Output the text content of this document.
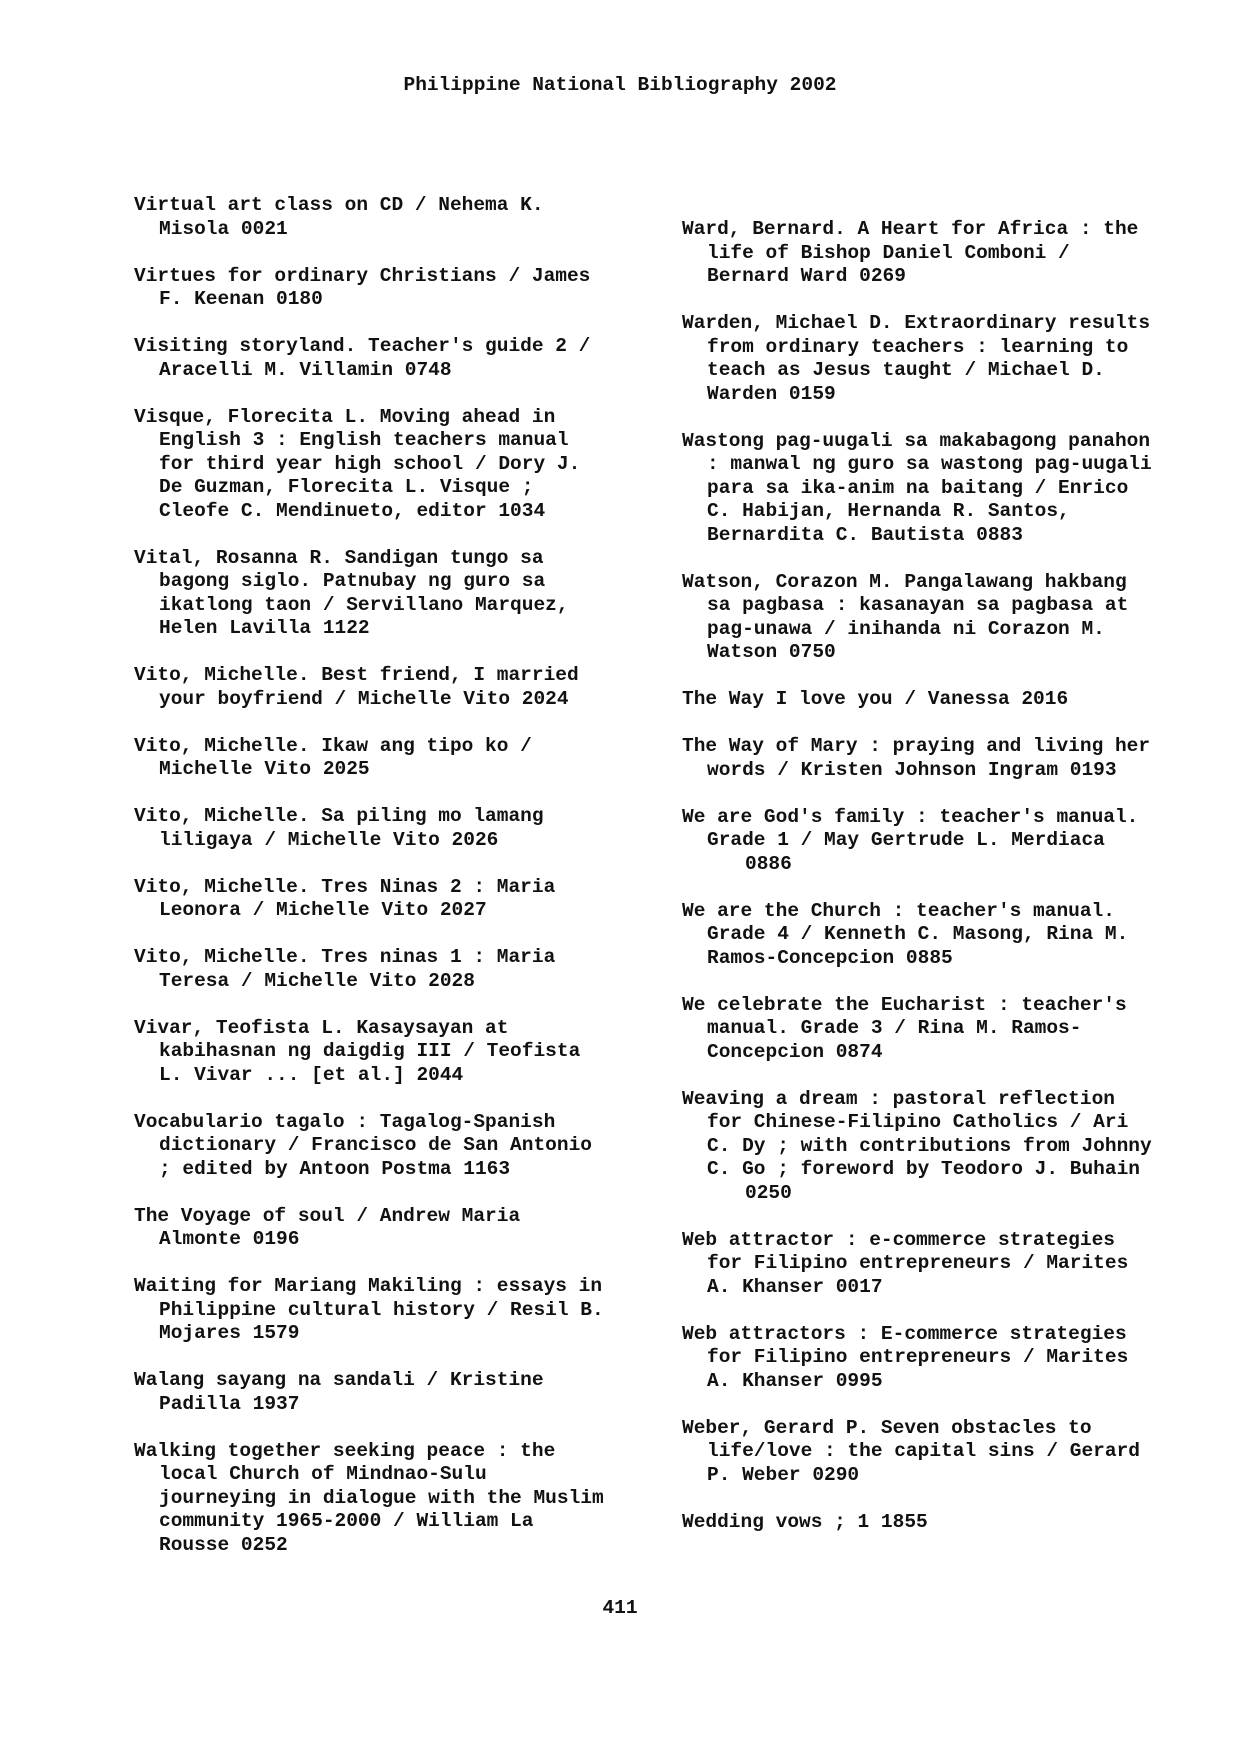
Philippine National Bibliography 2002
Virtual art class on CD / Nehema K.
Misola 0021
Virtues for ordinary Christians / James
F. Keenan 0180
Visiting storyland. Teacher's guide 2 /
Aracelli M. Villamin 0748
Visque, Florecita L. Moving ahead in
English 3 : English teachers manual
for third year high school / Dory J.
De Guzman, Florecita L. Visque ;
Cleofe C. Mendinueto, editor 1034
Vital, Rosanna R. Sandigan tungo sa
bagong siglo. Patnubay ng guro sa
ikatlong taon / Servillano Marquez,
Helen Lavilla 1122
Vito, Michelle. Best friend, I married
your boyfriend / Michelle Vito 2024
Vito, Michelle. Ikaw ang tipo ko /
Michelle Vito 2025
Vito, Michelle. Sa piling mo lamang
liligaya / Michelle Vito 2026
Vito, Michelle. Tres Ninas 2 : Maria
Leonora / Michelle Vito 2027
Vito, Michelle. Tres ninas 1 : Maria
Teresa / Michelle Vito 2028
Vivar, Teofista L. Kasaysayan at
kabihasnan ng daigdig III / Teofista
L. Vivar ... [et al.] 2044
Vocabulario tagalo : Tagalog-Spanish
dictionary / Francisco de San Antonio
; edited by Antoon Postma 1163
The Voyage of soul / Andrew Maria
Almonte 0196
Waiting for Mariang Makiling : essays in
Philippine cultural history / Resil B.
Mojares 1579
Walang sayang na sandali / Kristine
Padilla 1937
Walking together seeking peace : the
local Church of Mindnao-Sulu
journeying in dialogue with the Muslim
community 1965-2000 / William La
Rousse 0252
Ward, Bernard. A Heart for Africa : the
life of Bishop Daniel Comboni /
Bernard Ward 0269
Warden, Michael D. Extraordinary results
from ordinary teachers : learning to
teach as Jesus taught / Michael D.
Warden 0159
Wastong pag-uugali sa makabagong panahon
: manwal ng guro sa wastong pag-uugali
para sa ika-anim na baitang / Enrico
C. Habijan, Hernanda R. Santos,
Bernardita C. Bautista 0883
Watson, Corazon M. Pangalawang hakbang
sa pagbasa : kasanayan sa pagbasa at
pag-unawa / inihanda ni Corazon M.
Watson 0750
The Way I love you / Vanessa 2016
The Way of Mary : praying and living her
words / Kristen Johnson Ingram 0193
We are God's family : teacher's manual.
Grade 1 / May Gertrude L. Merdiaca
0886
We are the Church : teacher's manual.
Grade 4 / Kenneth C. Masong, Rina M.
Ramos-Concepcion 0885
We celebrate the Eucharist : teacher's
manual. Grade 3 / Rina M. Ramos-
Concepcion 0874
Weaving a dream : pastoral reflection
for Chinese-Filipino Catholics / Ari
C. Dy ; with contributions from Johnny
C. Go ; foreword by Teodoro J. Buhain
0250
Web attractor : e-commerce strategies
for Filipino entrepreneurs / Marites
A. Khanser 0017
Web attractors : E-commerce strategies
for Filipino entrepreneurs / Marites
A. Khanser 0995
Weber, Gerard P. Seven obstacles to
life/love : the capital sins / Gerard
P. Weber 0290
Wedding vows ; 1 1855
411
